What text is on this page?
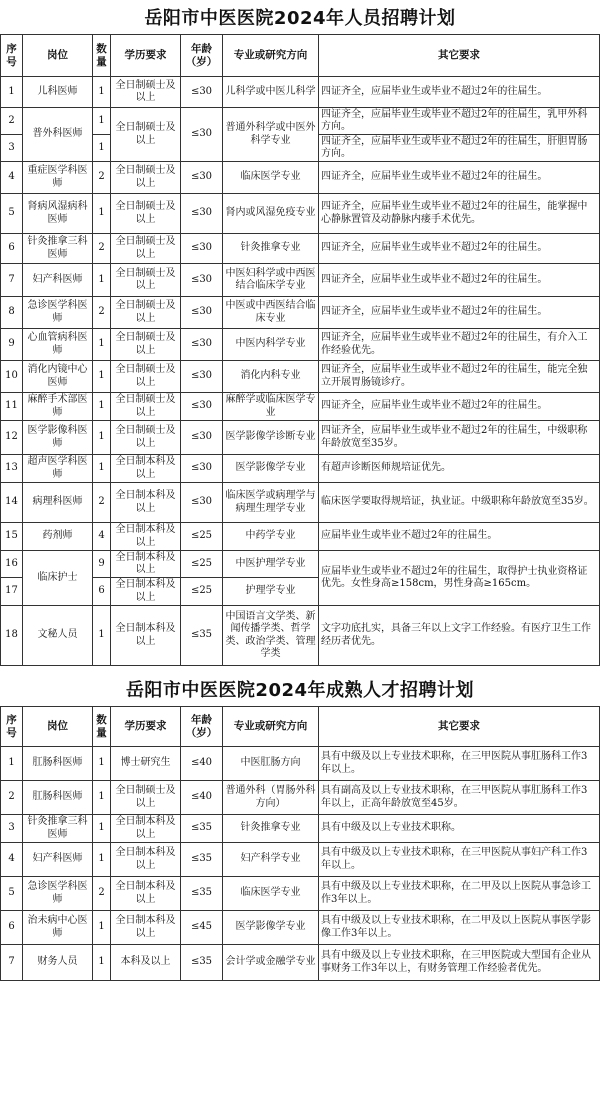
岳阳市中医医院2024年人员招聘计划
序号	岗位	数量	学历要求	年龄（岁）	专业或研究方向	其它要求
1	儿科医师	1	全日制硕士及以上	≤30	儿科学或中医儿科学	四证齐全，应届毕业生或毕业不超过2年的往届生。
2	普外科医师	1	全日制硕士及以上	≤30	普通外科学或中医外科学专业	四证齐全，应届毕业生或毕业不超过2年的往届生，乳甲外科方向。
3		1				四证齐全，应届毕业生或毕业不超过2年的往届生，肝胆胃肠方向。
4	重症医学科医师	2	全日制硕士及以上	≤30	临床医学专业	四证齐全，应届毕业生或毕业不超过2年的往届生。
5	肾病风湿病科医师	1	全日制硕士及以上	≤30	肾内或风湿免疫专业	四证齐全，应届毕业生或毕业不超过2年的往届生，能掌握中心静脉置管及动静脉内瘘手术优先。
6	针灸推拿三科医师	2	全日制硕士及以上	≤30	针灸推拿专业	四证齐全，应届毕业生或毕业不超过2年的往届生。
7	妇产科医师	1	全日制硕士及以上	≤30	中医妇科学或中西医结合临床学专业	四证齐全，应届毕业生或毕业不超过2年的往届生。
8	急诊医学科医师	2	全日制硕士及以上	≤30	中医或中西医结合临床专业	四证齐全，应届毕业生或毕业不超过2年的往届生。
9	心血管病科医师	1	全日制硕士及以上	≤30	中医内科学专业	四证齐全，应届毕业生或毕业不超过2年的往届生，有介入工作经验优先。
10	消化内镜中心医师	1	全日制硕士及以上	≤30	消化内科专业	四证齐全，应届毕业生或毕业不超过2年的往届生，能完全独立开展胃肠镜诊疗。
11	麻醉手术部医师	1	全日制硕士及以上	≤30	麻醉学或临床医学专业	四证齐全，应届毕业生或毕业不超过2年的往届生。
12	医学影像科医师	1	全日制硕士及以上	≤30	医学影像学诊断专业	四证齐全，应届毕业生或毕业不超过2年的往届生，中级职称年龄放宽至35岁。
13	超声医学科医师	1	全日制本科及以上	≤30	医学影像学专业	有超声诊断医师规培证优先。
14	病理科医师	2	全日制本科及以上	≤30	临床医学或病理学与病理生理学专业	临床医学要取得规培证，执业证。中级职称年龄放宽至35岁。
15	药剂师	4	全日制本科及以上	≤25	中药学专业	应届毕业生或毕业不超过2年的往届生。
16	临床护士	9	全日制本科及以上	≤25	中医护理学专业	应届毕业生或毕业不超过2年的往届生，取得护士执业资格证优先。女性身高≥158cm，男性身高≥165cm。
17		6	全日制本科及以上	≤25	护理学专业	
18	文秘人员	1	全日制本科及以上	≤35	中国语言文学类、新闻传播学类、哲学类、政治学类、管理学类	文字功底扎实，具备三年以上文字工作经验。有医疗卫生工作经历者优先。
岳阳市中医医院2024年成熟人才招聘计划
序号	岗位	数量	学历要求	年龄（岁）	专业或研究方向	其它要求
1	肛肠科医师	1	博士研究生	≤40	中医肛肠方向	具有中级及以上专业技术职称，在三甲医院从事肛肠科工作3年以上。
2	肛肠科医师	1	全日制硕士及以上	≤40	普通外科（胃肠外科方向）	具有副高及以上专业技术职称，在三甲医院从事肛肠科工作3年以上，正高年龄放宽至45岁。
3	针灸推拿三科医师	1	全日制本科及以上	≤35	针灸推拿专业	具有中级及以上专业技术职称。
4	妇产科医师	1	全日制本科及以上	≤35	妇产科学专业	具有中级及以上专业技术职称，在三甲医院从事妇产科工作3年以上。
5	急诊医学科医师	2	全日制本科及以上	≤35	临床医学专业	具有中级及以上专业技术职称，在二甲及以上医院从事急诊工作3年以上。
6	治未病中心医师	1	全日制本科及以上	≤45	医学影像学专业	具有中级及以上专业技术职称，在二甲及以上医院从事医学影像工作3年以上。
7	财务人员	1	本科及以上	≤35	会计学或金融学专业	具有中级及以上专业技术职称，在三甲医院或大型国有企业从事财务工作3年以上，有财务管理工作经验者优先。
